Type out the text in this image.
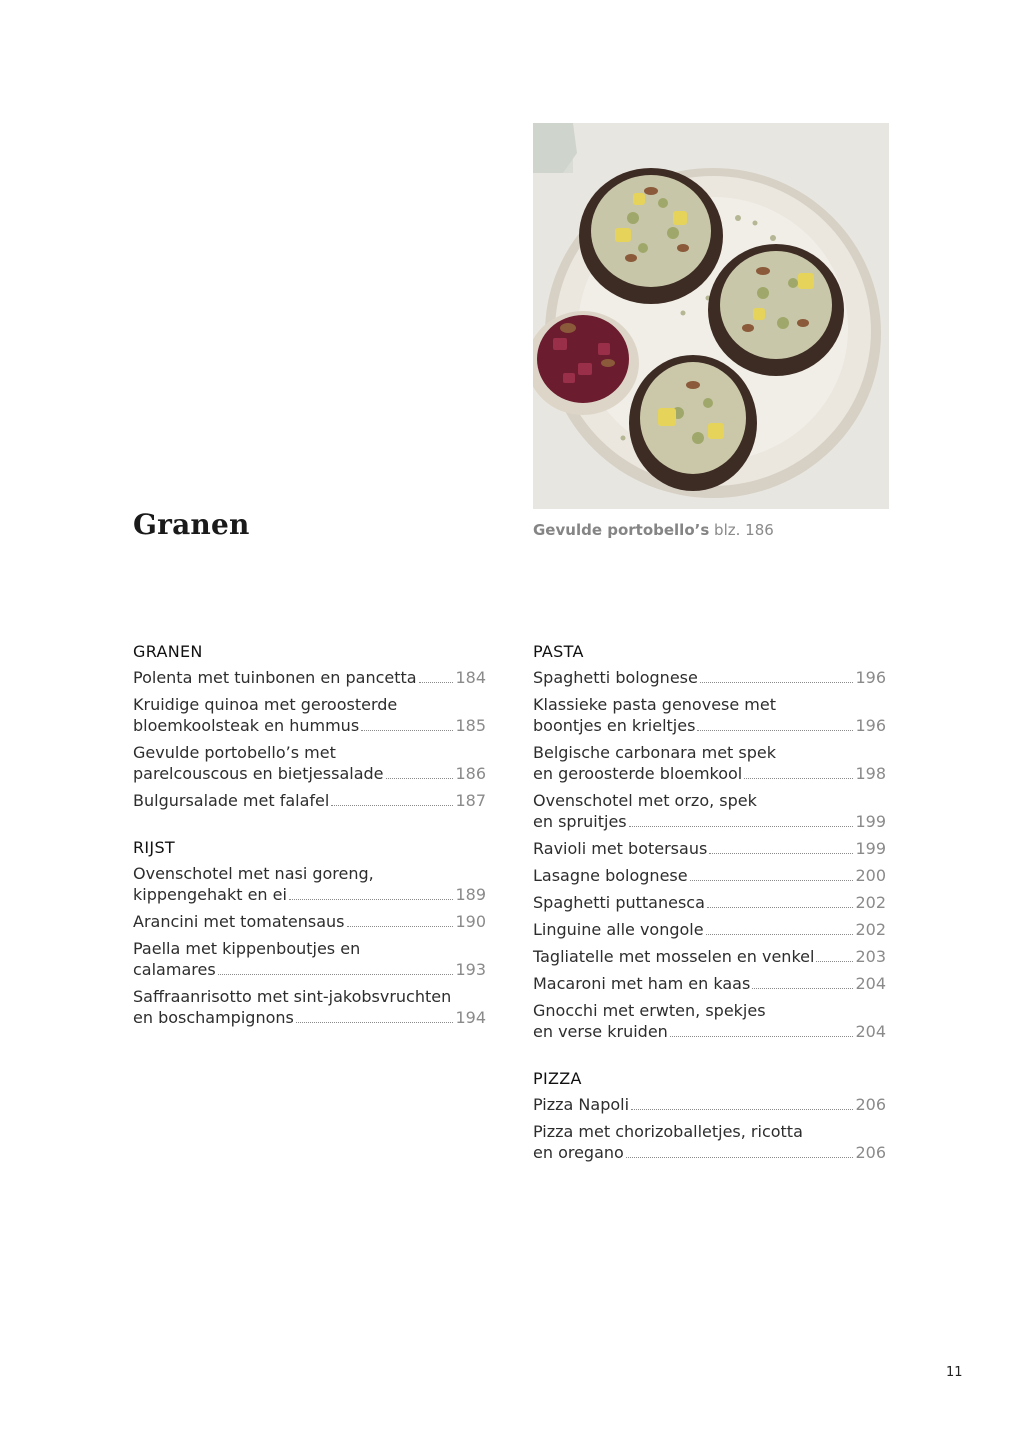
Granen	Gevulde portobello’s blz. 186
GRANEN
Polenta met tuinbonen en pancetta 184
Kruidige quinoa met geroosterde
bloemkoolsteak en hummus	185
Gevulde portobello’s met
parelcouscous en bietjessalade	186
Bulgursalade met falafel	187
RIJST
Ovenschotel met nasi goreng,
kippengehakt en ei	189
Arancini met tomatensaus	190
Paella met kippenboutjes en
calamares	193
Saffraanrisotto met sint-jakobsvruchten
en boschampignons	194
PASTA
Spaghetti bolognese	196
Klassieke pasta genovese met
boontjes en krieltjes	196
Belgische carbonara met spek
en geroosterde bloemkool	198
Ovenschotel met orzo, spek
en spruitjes	199
Ravioli met botersaus	199
Lasagne bolognese	200
Spaghetti puttanesca	202
Linguine alle vongole	202
Tagliatelle met mosselen en venkel	203
Macaroni met ham en kaas	204
Gnocchi met erwten, spekjes
en verse kruiden	204
PIZZA
Pizza Napoli	206
Pizza met chorizoballetjes, ricotta
en oregano	206
11
